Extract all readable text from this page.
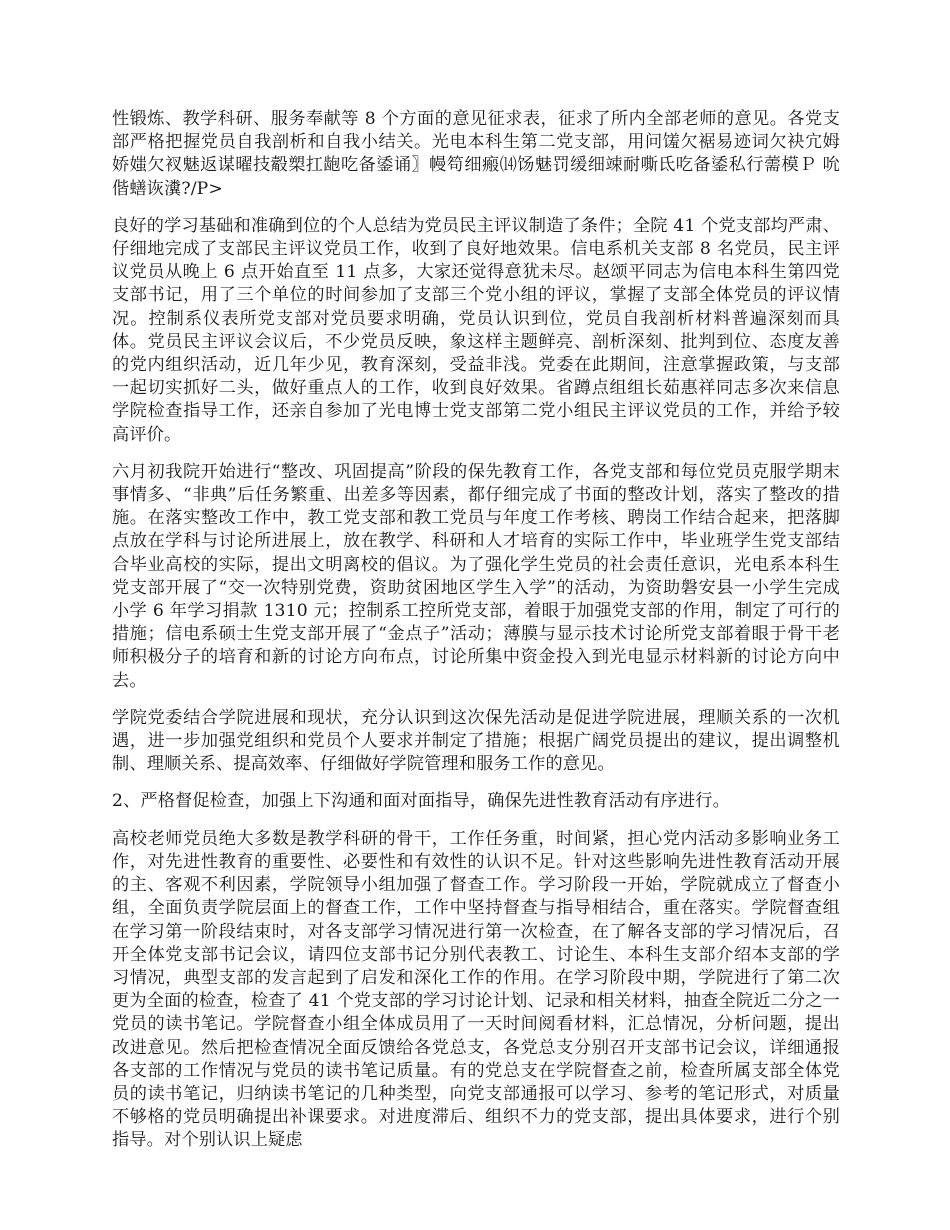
性锻炼、教学科研、服务奉献等 8 个方面的意见征求表，征求了所内全部老师的意见。各党支部严格把握党员自我剖析和自我小结关。光电本科生第二党支部，用问馐欠裾易迹词欠袂宂姆娇媸欠衩魅返谋曜技觳槊扛龅吃备鋈诵〗幔笱细瘢⒁饧魅罚缓细竦耐嘶氐吃备鋈私行薷模Ｐ 吮偕蟮诙瀵?/P>

良好的学习基础和准确到位的个人总结为党员民主评议制造了条件；全院 41 个党支部均严肃、仔细地完成了支部民主评议党员工作，收到了良好地效果。信电系机关支部 8 名党员，民主评议党员从晚上 6 点开始直至 11 点多，大家还觉得意犹未尽。赵颂平同志为信电本科生第四党支部书记，用了三个单位的时间参加了支部三个党小组的评议，掌握了支部全体党员的评议情况。控制系仪表所党支部对党员要求明确，党员认识到位，党员自我剖析材料普遍深刻而具体。党员民主评议会议后，不少党员反映，象这样主题鲜亮、剖析深刻、批判到位、态度友善的党内组织活动，近几年少见，教育深刻，受益非浅。党委在此期间，注意掌握政策，与支部一起切实抓好二头，做好重点人的工作，收到良好效果。省蹲点组组长茹惠祥同志多次来信息学院检查指导工作，还亲自参加了光电博士党支部第二党小组民主评议党员的工作，并给予较高评价。

六月初我院开始进行“整改、巩固提高”阶段的保先教育工作，各党支部和每位党员克服学期末事情多、“非典”后任务繁重、出差多等因素，都仔细完成了书面的整改计划，落实了整改的措施。在落实整改工作中，教工党支部和教工党员与年度工作考核、聘岗工作结合起来，把落脚点放在学科与讨论所进展上，放在教学、科研和人才培育的实际工作中，毕业班学生党支部结合毕业高校的实际，提出文明离校的倡议。为了强化学生党员的社会责任意识，光电系本科生党支部开展了“交一次特别党费，资助贫困地区学生入学”的活动，为资助磐安县一小学生完成小学 6 年学习捐款 1310 元；控制系工控所党支部，着眼于加强党支部的作用，制定了可行的措施；信电系硕士生党支部开展了“金点子”活动；薄膜与显示技术讨论所党支部着眼于骨干老师积极分子的培育和新的讨论方向布点，讨论所集中资金投入到光电显示材料新的讨论方向中去。

学院党委结合学院进展和现状，充分认识到这次保先活动是促进学院进展，理顺关系的一次机遇，进一步加强党组织和党员个人要求并制定了措施；根据广阔党员提出的建议，提出调整机制、理顺关系、提高效率、仔细做好学院管理和服务工作的意见。

2、严格督促检查，加强上下沟通和面对面指导，确保先进性教育活动有序进行。

高校老师党员绝大多数是教学科研的骨干，工作任务重，时间紧，担心党内活动多影响业务工作，对先进性教育的重要性、必要性和有效性的认识不足。针对这些影响先进性教育活动开展的主、客观不利因素，学院领导小组加强了督查工作。学习阶段一开始，学院就成立了督查小组，全面负责学院层面上的督查工作，工作中坚持督查与指导相结合，重在落实。学院督查组在学习第一阶段结束时，对各支部学习情况进行第一次检查，在了解各支部的学习情况后，召开全体党支部书记会议，请四位支部书记分别代表教工、讨论生、本科生支部介绍本支部的学习情况，典型支部的发言起到了启发和深化工作的作用。在学习阶段中期，学院进行了第二次更为全面的检查，检查了 41 个党支部的学习讨论计划、记录和相关材料，抽查全院近二分之一党员的读书笔记。学院督查小组全体成员用了一天时间阅看材料，汇总情况，分析问题，提出改进意见。然后把检查情况全面反馈给各党总支，各党总支分别召开支部书记会议，详细通报各支部的工作情况与党员的读书笔记质量。有的党总支在学院督查之前，检查所属支部全体党员的读书笔记，归纳读书笔记的几种类型，向党支部通报可以学习、参考的笔记形式，对质量不够格的党员明确提出补课要求。对进度滞后、组织不力的党支部，提出具体要求，进行个别指导。对个别认识上疑虑
